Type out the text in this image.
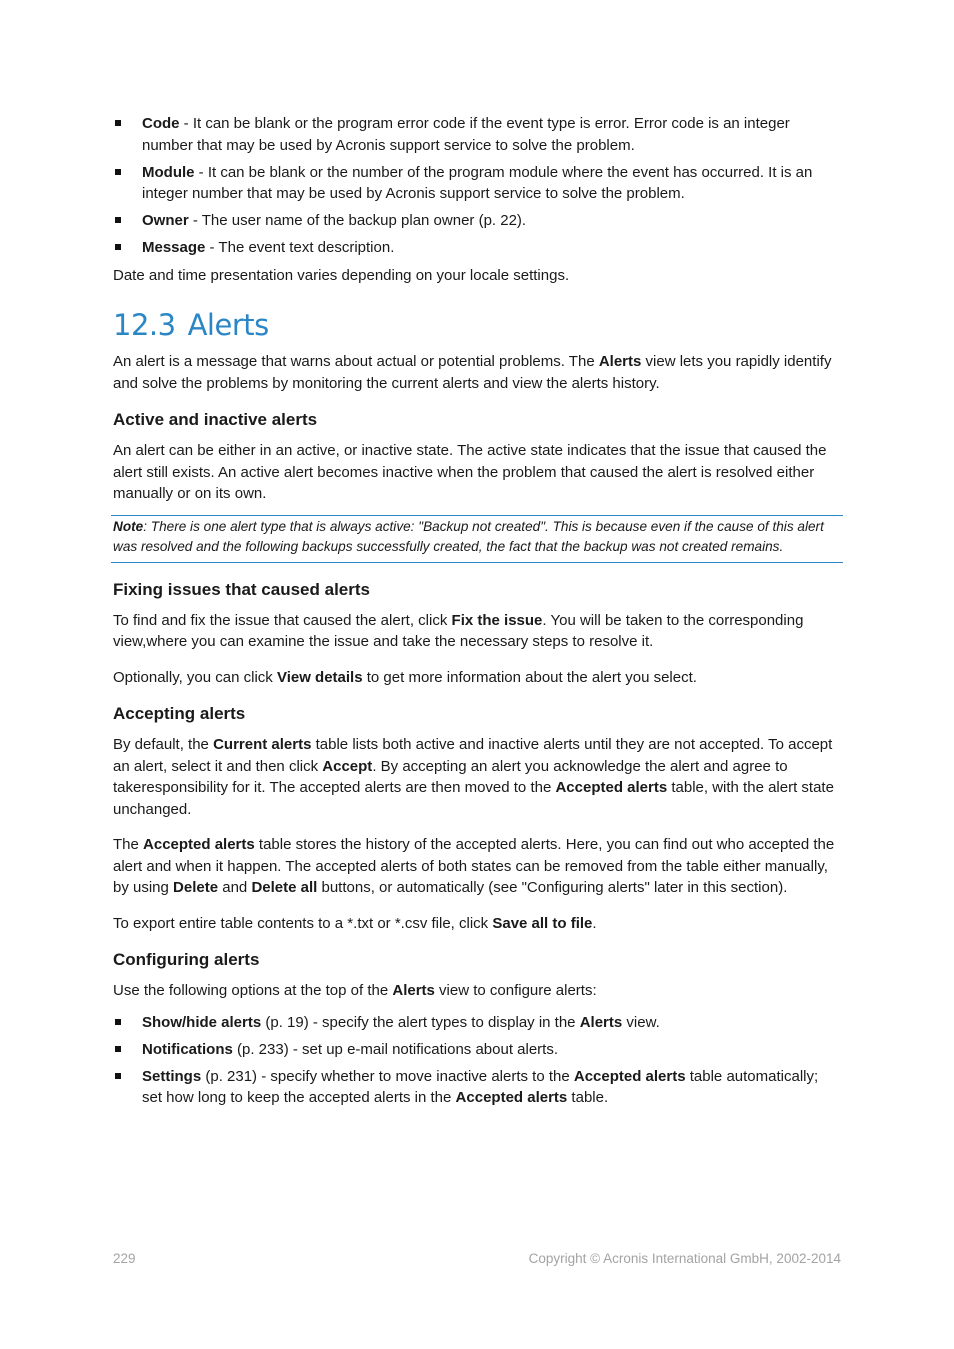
Code - It can be blank or the program error code if the event type is error. Error code is an integer number that may be used by Acronis support service to solve the problem.
Module - It can be blank or the number of the program module where the event has occurred. It is an integer number that may be used by Acronis support service to solve the problem.
Owner - The user name of the backup plan owner (p. 22).
Message - The event text description.

Date and time presentation varies depending on your locale settings.

12.3 Alerts

An alert is a message that warns about actual or potential problems. The Alerts view lets you rapidly identify and solve the problems by monitoring the current alerts and view the alerts history.

Active and inactive alerts

An alert can be either in an active, or inactive state. The active state indicates that the issue that caused the alert still exists. An active alert becomes inactive when the problem that caused the alert is resolved either manually or on its own.

Note: There is one alert type that is always active: "Backup not created". This is because even if the cause of this alert was resolved and the following backups successfully created, the fact that the backup was not created remains.
Fixing issues that caused alerts

To find and fix the issue that caused the alert, click Fix the issue. You will be taken to the corresponding view,where you can examine the issue and take the necessary steps to resolve it.

Optionally, you can click View details to get more information about the alert you select.

Accepting alerts

By default, the Current alerts table lists both active and inactive alerts until they are not accepted. To accept an alert, select it and then click Accept. By accepting an alert you acknowledge the alert and agree to takeresponsibility for it. The accepted alerts are then moved to the Accepted alerts table, with the alert state unchanged.

The Accepted alerts table stores the history of the accepted alerts. Here, you can find out who accepted the alert and when it happen. The accepted alerts of both states can be removed from the table either manually, by using Delete and Delete all buttons, or automatically (see "Configuring alerts" later in this section).

To export entire table contents to a *.txt or *.csv file, click Save all to file.

Configuring alerts

Use the following options at the top of the Alerts view to configure alerts:

Show/hide alerts (p. 19) - specify the alert types to display in the Alerts view.
Notifications (p. 233) - set up e-mail notifications about alerts.
Settings (p. 231) - specify whether to move inactive alerts to the Accepted alerts table automatically; set how long to keep the accepted alerts in the Accepted alerts table.
229	Copyright © Acronis International GmbH, 2002-2014
